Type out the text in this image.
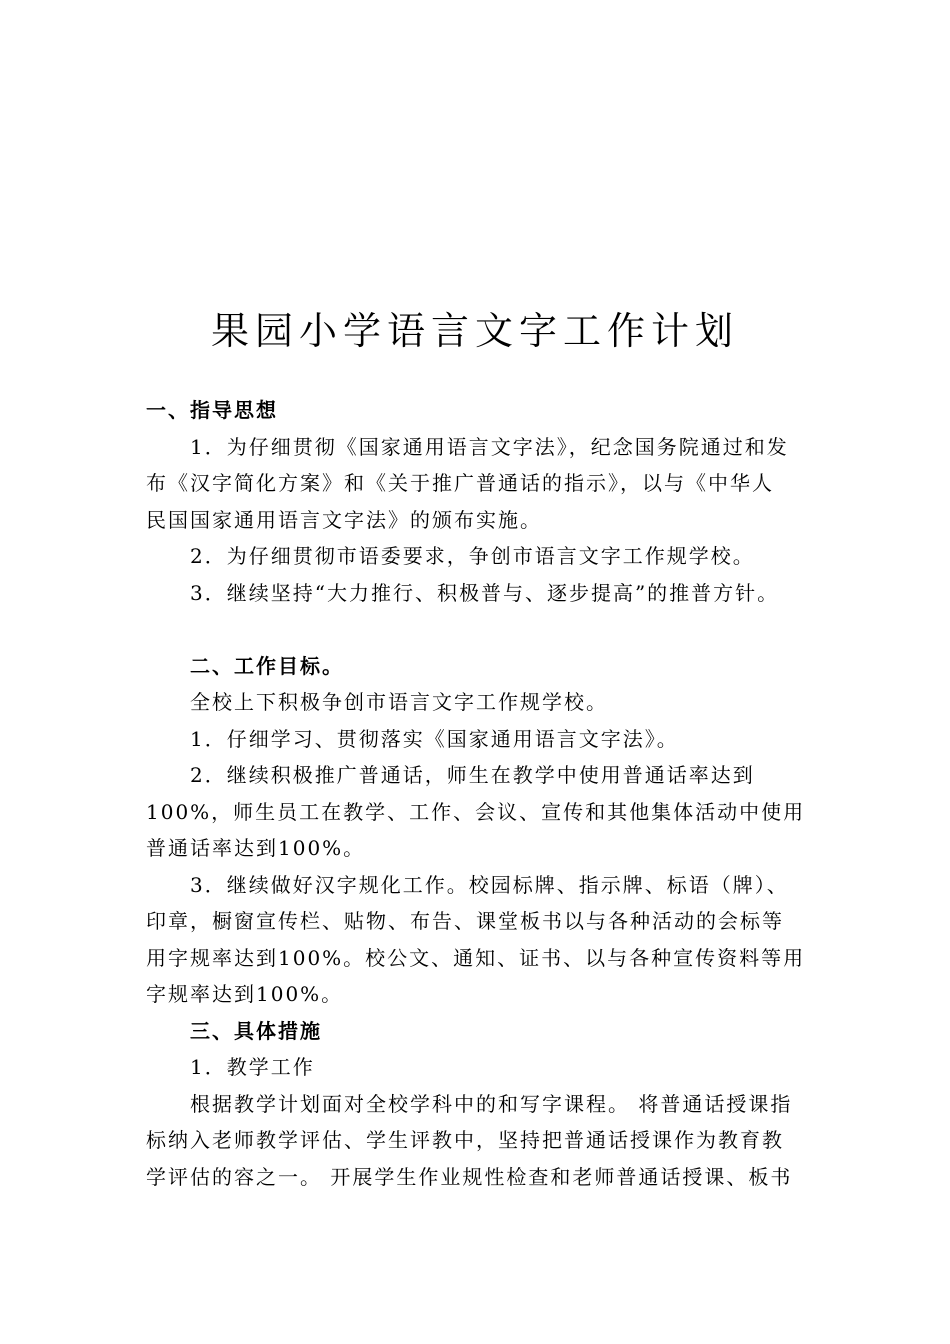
果园小学语言文字工作计划

一、指导思想

1．为仔细贯彻《国家通用语言文字法》，纪念国务院通过和发

布《汉字简化方案》和《关于推广普通话的指示》，以与《中华人

民国国家通用语言文字法》的颁布实施。

2．为仔细贯彻市语委要求，争创市语言文字工作规学校。

3．继续坚持“大力推行、积极普与、逐步提高”的推普方针。

二、工作目标。

全校上下积极争创市语言文字工作规学校。

1．仔细学习、贯彻落实《国家通用语言文字法》。

2．继续积极推广普通话，师生在教学中使用普通话率达到

100%，师生员工在教学、工作、会议、宣传和其他集体活动中使用

普通话率达到100%。

3．继续做好汉字规化工作。校园标牌、指示牌、标语（牌）、

印章，橱窗宣传栏、贴物、布告、课堂板书以与各种活动的会标等

用字规率达到100%。校公文、通知、证书、以与各种宣传资料等用

字规率达到100%。

三、具体措施

1．教学工作

根据教学计划面对全校学科中的和写字课程。 将普通话授课指

标纳入老师教学评估、学生评教中，坚持把普通话授课作为教育教

学评估的容之一。 开展学生作业规性检查和老师普通话授课、板书
